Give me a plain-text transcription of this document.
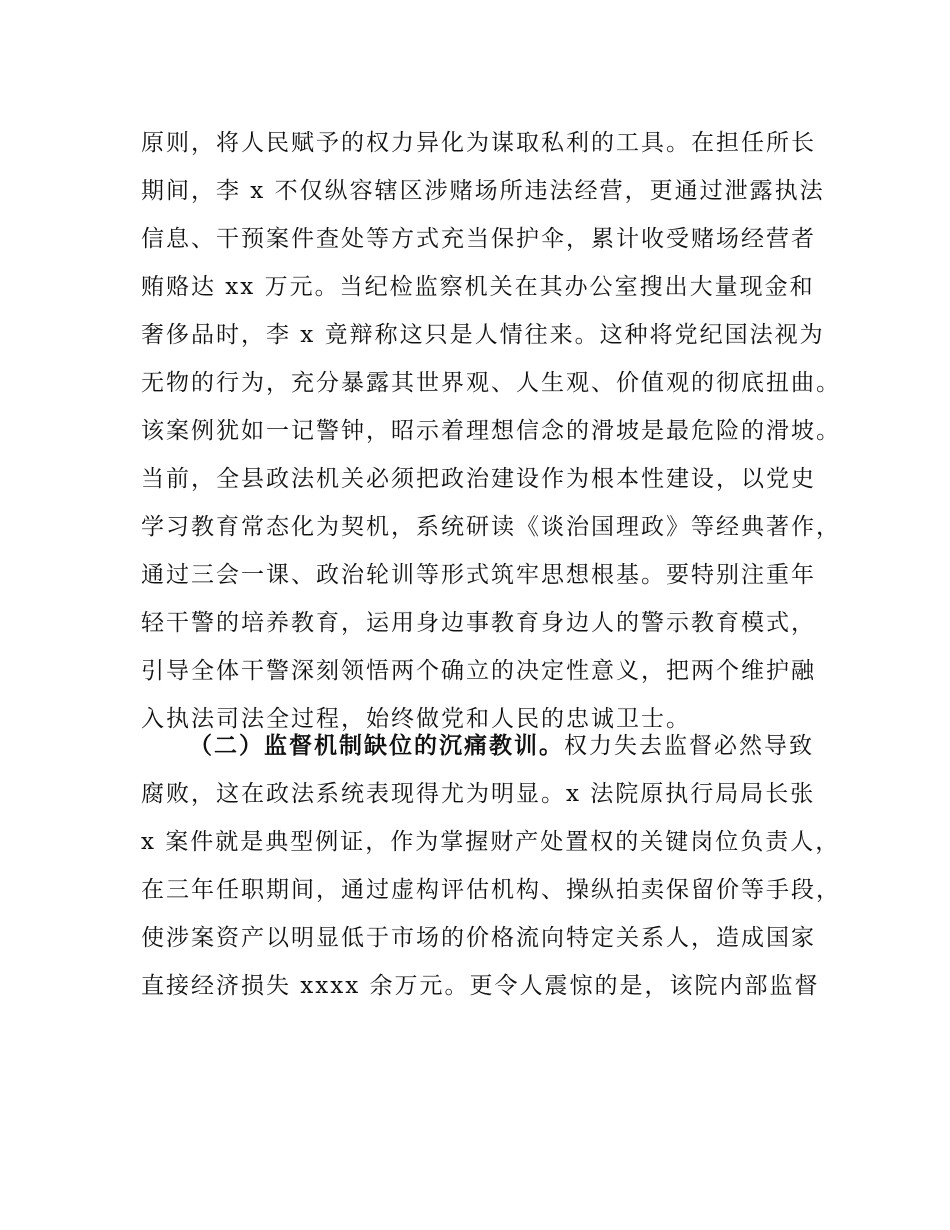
原则，将人民赋予的权力异化为谋取私利的工具。在担任所长
期间，李 x 不仅纵容辖区涉赌场所违法经营，更通过泄露执法
信息、干预案件查处等方式充当保护伞，累计收受赌场经营者
贿赂达 xx 万元。当纪检监察机关在其办公室搜出大量现金和
奢侈品时，李 x 竟辩称这只是人情往来。这种将党纪国法视为
无物的行为，充分暴露其世界观、人生观、价值观的彻底扭曲。
该案例犹如一记警钟，昭示着理想信念的滑坡是最危险的滑坡。
当前，全县政法机关必须把政治建设作为根本性建设，以党史
学习教育常态化为契机，系统研读《谈治国理政》等经典著作，
通过三会一课、政治轮训等形式筑牢思想根基。要特别注重年
轻干警的培养教育，运用身边事教育身边人的警示教育模式，
引导全体干警深刻领悟两个确立的决定性意义，把两个维护融
入执法司法全过程，始终做党和人民的忠诚卫士。
（二）监督机制缺位的沉痛教训。权力失去监督必然导致
腐败，这在政法系统表现得尤为明显。x 法院原执行局局长张
x 案件就是典型例证，作为掌握财产处置权的关键岗位负责人，
在三年任职期间，通过虚构评估机构、操纵拍卖保留价等手段，
使涉案资产以明显低于市场的价格流向特定关系人，造成国家
直接经济损失 xxxx 余万元。更令人震惊的是，该院内部监督
